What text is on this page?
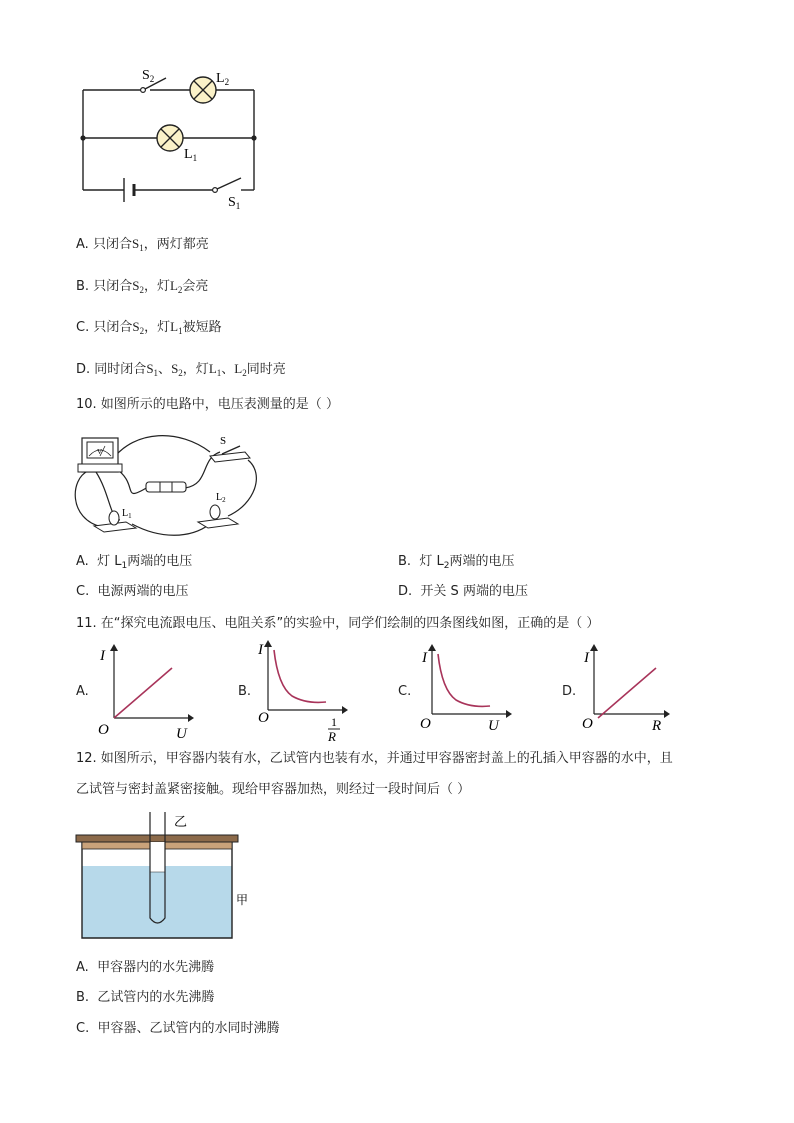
$S_2$	$L_2$
$L_1$
$S_1$
A. 只闭合$S_1$，两灯都亮
B. 只闭合$S_2$，灯$L_2$会亮
C. 只闭合$S_2$，灯$L_1$被短路
D. 同时闭合$S_1$、$S_2$，灯$L_1$、$L_2$同时亮
10. 如图所示的电路中，电压表测量的是（ ）
V
S
$L_1$
$L_2$
A. 灯 $L_1$两端的电压	B. 灯 $L_2$两端的电压
C. 电源两端的电压	D. 开关 S 两端的电压
11. 在“探究电流跟电压、电阻关系”的实验中，同学们绘制的四条图线如图，正确的是（ ）
A.
I
O	U
B.
I
O	1
R
C.
I
O	U
D.
I
O	R
12. 如图所示，甲容器内装有水，乙试管内也装有水，并通过甲容器密封盖上的孔插入甲容器的水中，且
乙试管与密封盖紧密接触。现给甲容器加热，则经过一段时间后（ ）
乙
甲
A. 甲容器内的水先沸腾
B. 乙试管内的水先沸腾
C. 甲容器、乙试管内的水同时沸腾
